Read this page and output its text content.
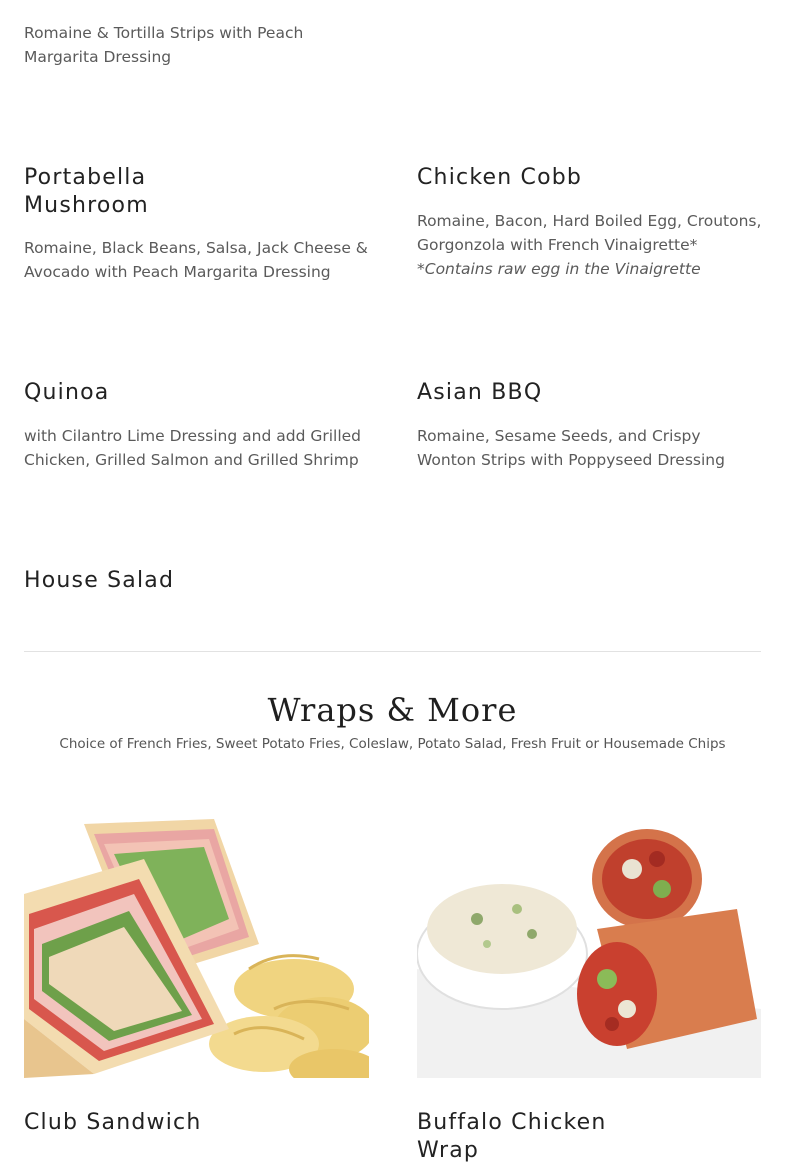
Romaine & Tortilla Strips with Peach Margarita Dressing

Portabella
Mushroom

Romaine, Black Beans, Salsa, Jack Cheese & Avocado with Peach Margarita Dressing

Chicken Cobb

Romaine, Bacon, Hard Boiled Egg, Croutons, Gorgonzola with French Vinaigrette*
*Contains raw egg in the Vinaigrette

Quinoa

with Cilantro Lime Dressing and add Grilled Chicken, Grilled Salmon and Grilled Shrimp

Asian BBQ

Romaine, Sesame Seeds, and Crispy Wonton Strips with Poppyseed Dressing

House Salad
Wraps & More

Choice of French Fries, Sweet Potato Fries, Coleslaw, Potato Salad, Fresh Fruit or Housemade Chips

Club Sandwich	Buffalo Chicken
Wrap
